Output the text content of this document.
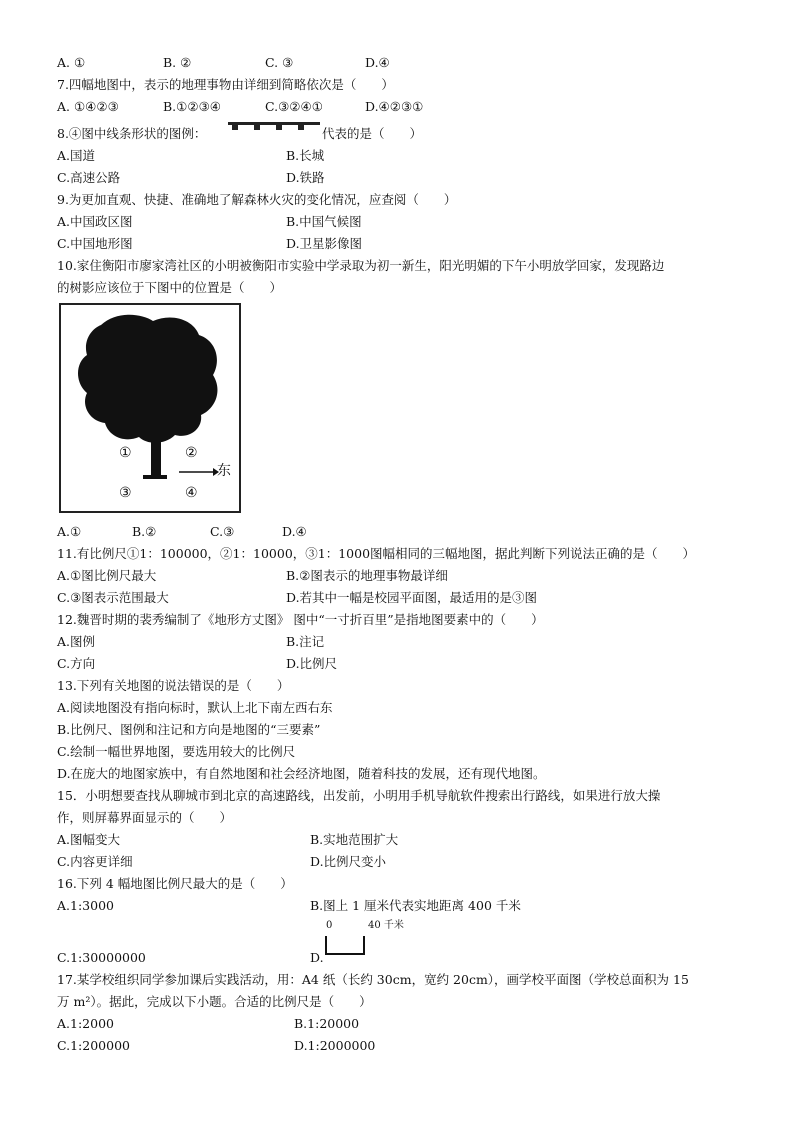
A. ①	B. ②	C. ③	D.④
7.四幅地图中，表示的地理事物由详细到简略依次是（　　）
A. ①④②③	B.①②③④	C.③②④①	D.④②③①
8.④图中线条形状的图例：	代表的是（　　）
A.国道	B.长城
C.高速公路	D.铁路
9.为更加直观、快捷、准确地了解森林火灾的变化情况，应查阅（　　）
A.中国政区图	B.中国气候图
C.中国地形图	D.卫星影像图
10.家住衡阳市廖家湾社区的小明被衡阳市实验中学录取为初一新生，阳光明媚的下午小明放学回家，发现路边
的树影应该位于下图中的位置是（　　）
①	②
③	④
东
A.①	B.②	C.③	D.④
11.有比例尺①1：100000，②1：10000，③1：1000图幅相同的三幅地图，据此判断下列说法正确的是（　　）
A.①图比例尺最大	B.②图表示的地理事物最详细
C.③图表示范围最大	D.若其中一幅是校园平面图，最适用的是③图
12.魏晋时期的裴秀编制了《地形方丈图》 图中“一寸折百里”是指地图要素中的（　　）
A.图例	B.注记
C.方向	D.比例尺
13.下列有关地图的说法错误的是（　　）
A.阅读地图没有指向标时，默认上北下南左西右东
B.比例尺、图例和注记和方向是地图的“三要素”
C.绘制一幅世界地图，要选用较大的比例尺
D.在庞大的地图家族中，有自然地图和社会经济地图，随着科技的发展，还有现代地图。
15．小明想要查找从聊城市到北京的高速路线，出发前，小明用手机导航软件搜索出行路线，如果进行放大操
作，则屏幕界面显示的（　　）
A.图幅变大	B.实地范围扩大
C.内容更详细	D.比例尺变小
16.下列 4 幅地图比例尺最大的是（　　）
A.1:3000	B.图上 1 厘米代表实地距离 400 千米
0	40 千米
C.1:30000000	D.
17.某学校组织同学参加课后实践活动，用：A4 纸（长约 30cm，宽约 20cm），画学校平面图（学校总面积为 15
万 m²）。据此，完成以下小题。合适的比例尺是（　　）
A.1:2000	B.1:20000
C.1:200000	D.1:2000000
